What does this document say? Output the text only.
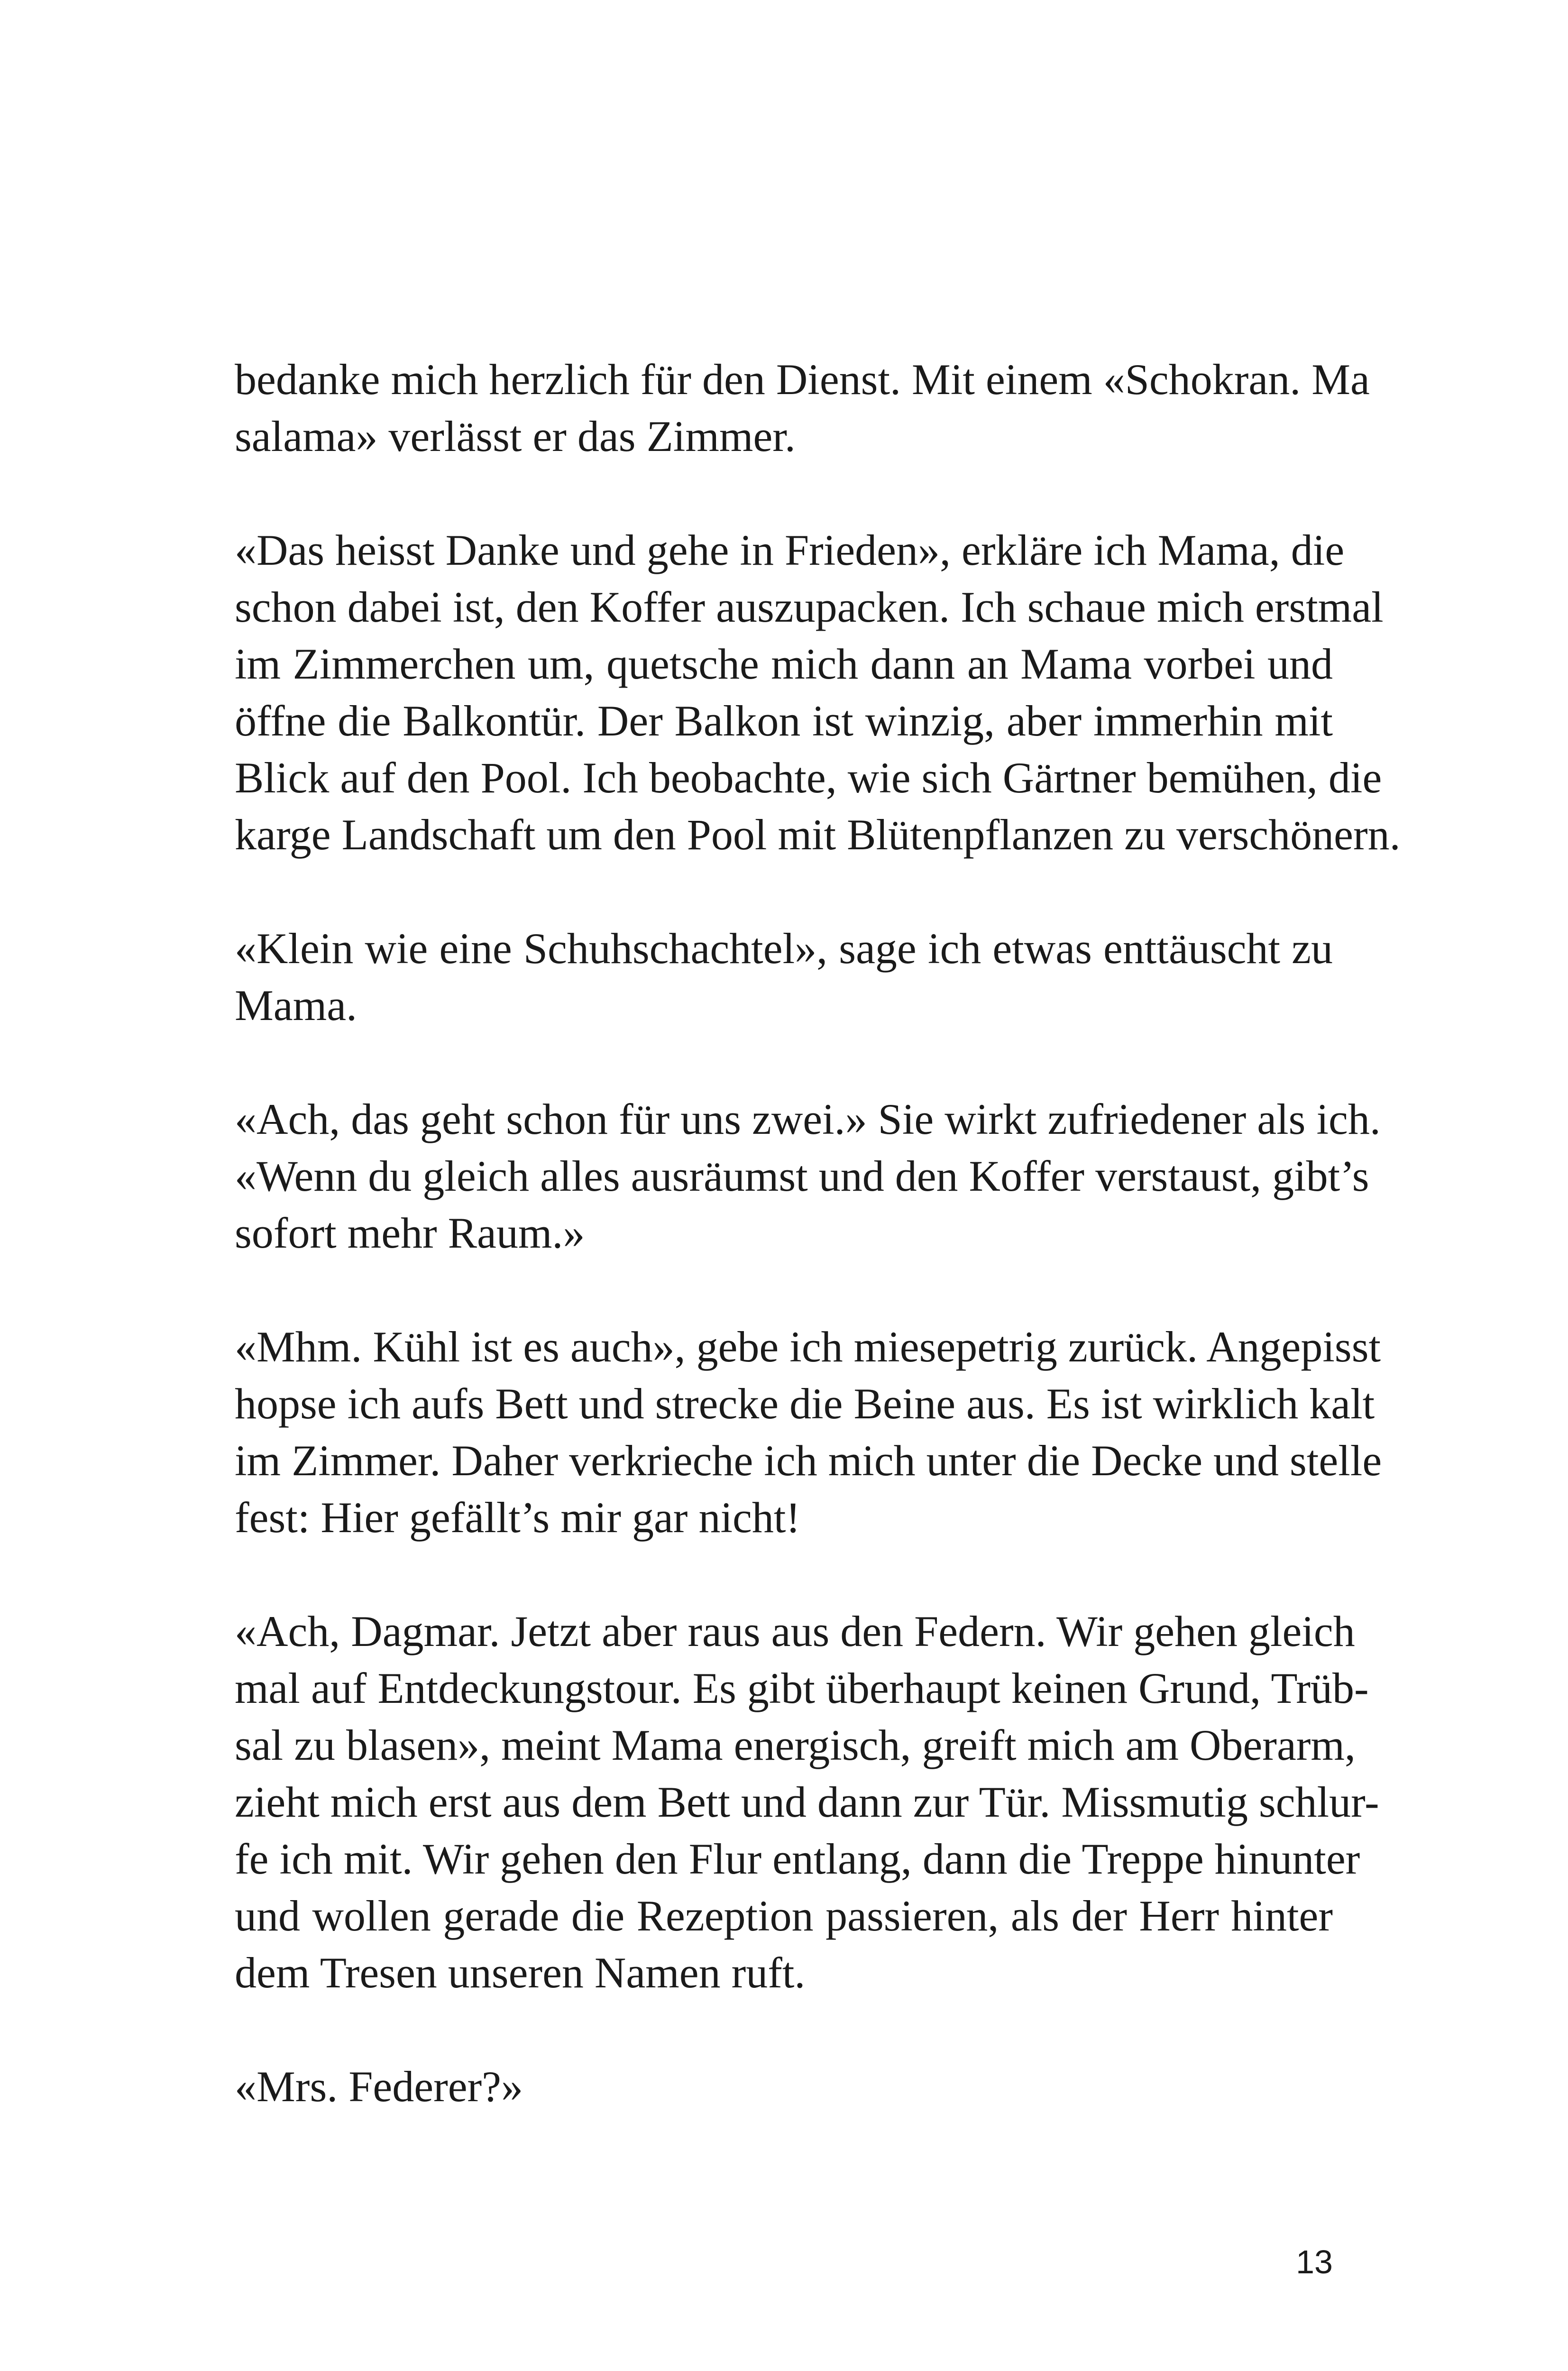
bedanke mich herzlich für den Dienst. Mit einem «Schokran. Ma
salama» verlässt er das Zimmer.

«Das heisst Danke und gehe in Frieden», erkläre ich Mama, die
schon dabei ist, den Koffer auszupacken. Ich schaue mich erstmal
im Zimmerchen um, quetsche mich dann an Mama vorbei und
öffne die Balkontür. Der Balkon ist winzig, aber immerhin mit
Blick auf den Pool. Ich beobachte, wie sich Gärtner bemühen, die
karge Landschaft um den Pool mit Blütenpflanzen zu verschönern.

«Klein wie eine Schuhschachtel», sage ich etwas enttäuscht zu
Mama.

«Ach, das geht schon für uns zwei.» Sie wirkt zufriedener als ich.
«Wenn du gleich alles ausräumst und den Koffer verstaust, gibt’s
sofort mehr Raum.»

«Mhm. Kühl ist es auch», gebe ich miesepetrig zurück. Angepisst
hopse ich aufs Bett und strecke die Beine aus. Es ist wirklich kalt
im Zimmer. Daher verkrieche ich mich unter die Decke und stelle
fest: Hier gefällt’s mir gar nicht!

«Ach, Dagmar. Jetzt aber raus aus den Federn. Wir gehen gleich
mal auf Entdeckungstour. Es gibt überhaupt keinen Grund, Trüb-
sal zu blasen», meint Mama energisch, greift mich am Oberarm,
zieht mich erst aus dem Bett und dann zur Tür. Missmutig schlur-
fe ich mit. Wir gehen den Flur entlang, dann die Treppe hinunter
und wollen gerade die Rezeption passieren, als der Herr hinter
dem Tresen unseren Namen ruft.

«Mrs. Federer?»

13
